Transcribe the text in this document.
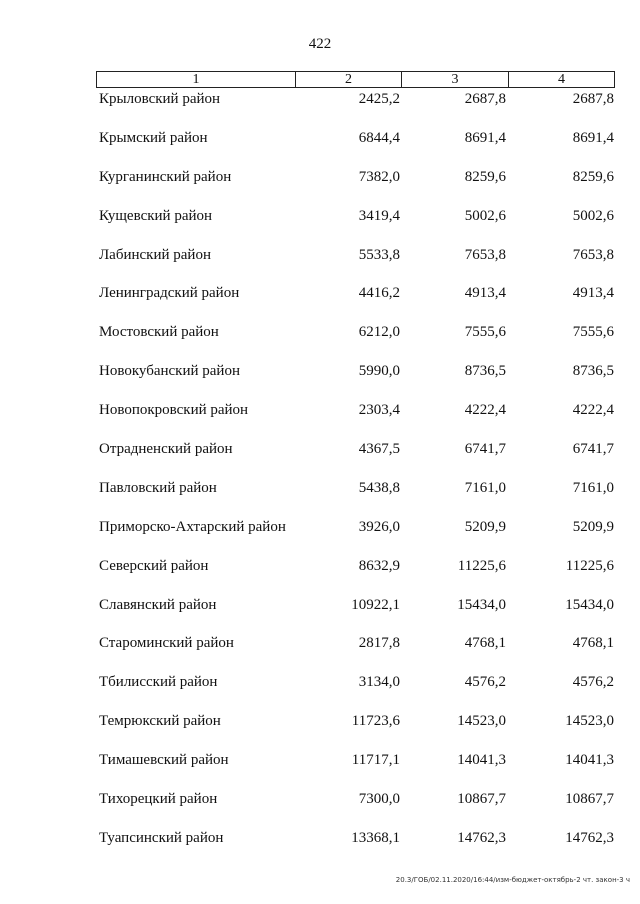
422
1	2	3	4
Крыловский район	2425,2	2687,8	2687,8
Крымский район	6844,4	8691,4	8691,4
Курганинский район	7382,0	8259,6	8259,6
Кущевский район	3419,4	5002,6	5002,6
Лабинский район	5533,8	7653,8	7653,8
Ленинградский район	4416,2	4913,4	4913,4
Мостовский район	6212,0	7555,6	7555,6
Новокубанский район	5990,0	8736,5	8736,5
Новопокровский район	2303,4	4222,4	4222,4
Отрадненский район	4367,5	6741,7	6741,7
Павловский район	5438,8	7161,0	7161,0
Приморско-Ахтарский район	3926,0	5209,9	5209,9
Северский район	8632,9	11225,6	11225,6
Славянский район	10922,1	15434,0	15434,0
Староминский район	2817,8	4768,1	4768,1
Тбилисский район	3134,0	4576,2	4576,2
Темрюкский район	11723,6	14523,0	14523,0
Тимашевский район	11717,1	14041,3	14041,3
Тихорецкий район	7300,0	10867,7	10867,7
Туапсинский район	13368,1	14762,3	14762,3
20.3/ГОБ/02.11.2020/16:44/изм-бюджет-октябрь-2 чт. закон-3 ч
